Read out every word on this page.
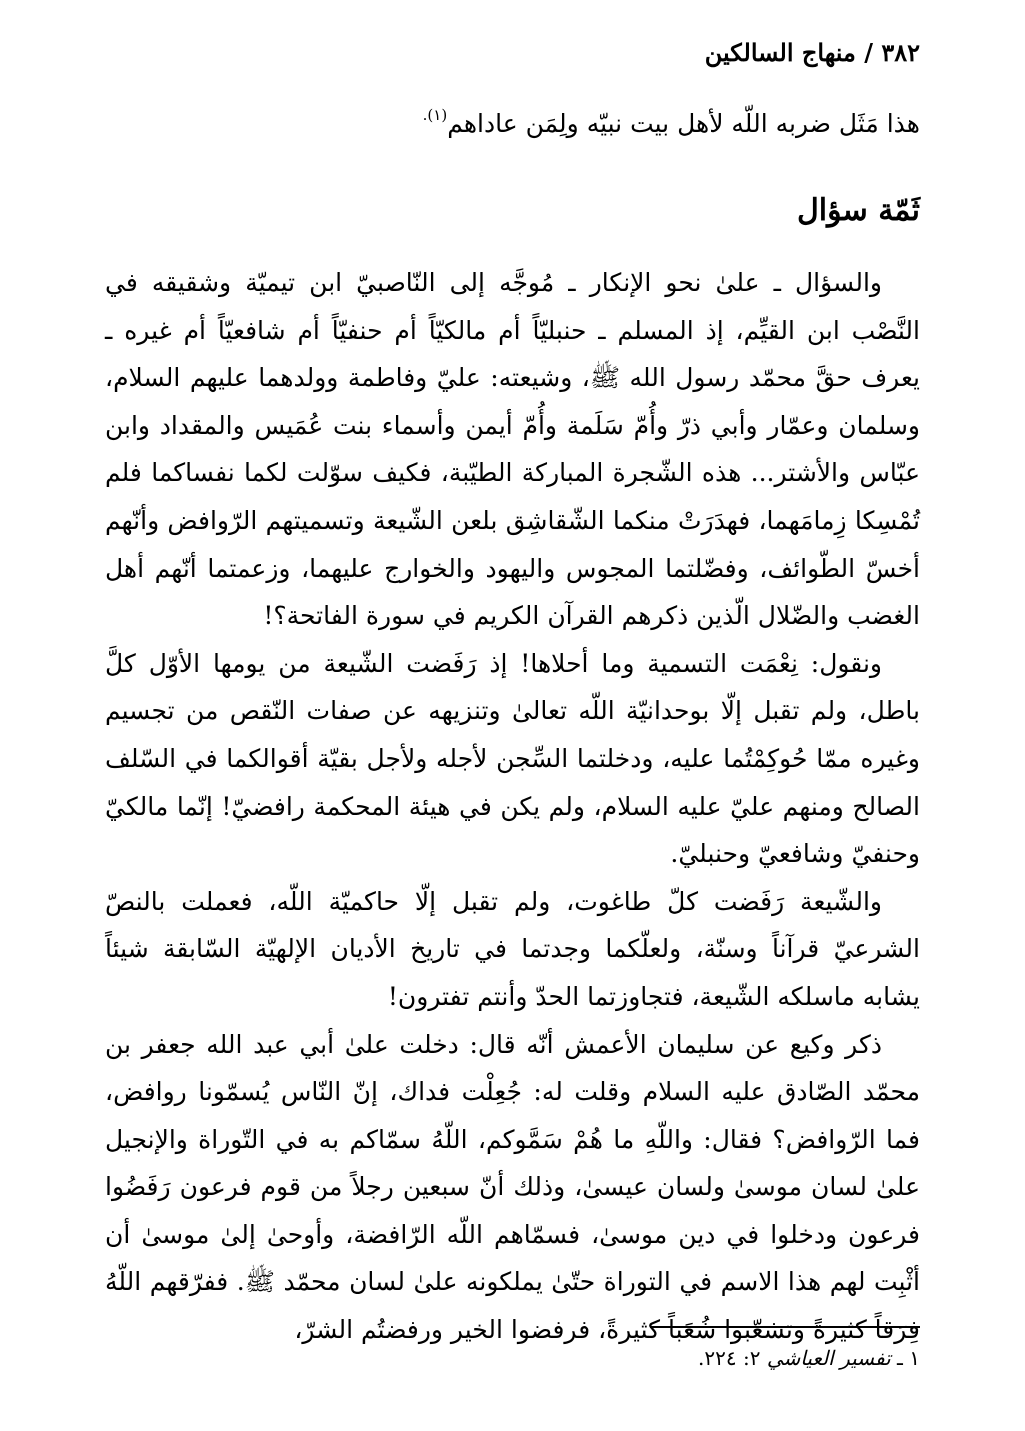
٣٨٢ / منهاج السالكين
هذا مَثَل ضربه اللّه لأهل بيت نبيّه ولِمَن عاداهم$^{(١).}$
ثَمّة سؤال

والسؤال ـ علىٰ نحو الإنكار ـ مُوجَّه إلى النّاصبيّ ابن تيميّة وشقيقه في النَّصْب ابن القيِّم، إذ المسلم ـ حنبليّاً أم مالكيّاً أم حنفيّاً أم شافعيّاً أم غيره ـ يعرف حقَّ محمّد رسول الله ﷺ، وشيعته: عليّ وفاطمة وولدهما عليهم السلام، وسلمان وعمّار وأبي ذرّ وأُمّ سَلَمة وأُمّ أيمن وأسماء بنت عُمَيس والمقداد وابن عبّاس والأشتر... هذه الشّجرة المباركة الطيّبة، فكيف سوّلت لكما نفساكما فلم تُمْسِكا زِمامَهما، فهدَرَتْ منكما الشّقاشِق بلعن الشّيعة وتسميتهم الرّوافض وأنّهم أخسّ الطّوائف، وفضّلتما المجوس واليهود والخوارج عليهما، وزعمتما أنّهم أهل الغضب والضّلال الّذين ذكرهم القرآن الكريم في سورة الفاتحة؟!

ونقول: نِعْمَت التسمية وما أحلاها! إذ رَفَضت الشّيعة من يومها الأوّل كلَّ باطل، ولم تقبل إلّا بوحدانيّة اللّه تعالىٰ وتنزيهه عن صفات النّقص من تجسيم وغيره ممّا حُوكِمْتُما عليه، ودخلتما السِّجن لأجله ولأجل بقيّة أقوالكما في السّلف الصالح ومنهم عليّ عليه السلام، ولم يكن في هيئة المحكمة رافضيّ! إنّما مالكيّ وحنفيّ وشافعيّ وحنبليّ.

والشّيعة رَفَضت كلّ طاغوت، ولم تقبل إلّا حاكميّة اللّه، فعملت بالنصّ الشرعيّ قرآناً وسنّة، ولعلّكما وجدتما في تاريخ الأديان الإلهيّة السّابقة شيئاً يشابه ماسلكه الشّيعة، فتجاوزتما الحدّ وأنتم تفترون!

ذكر وكيع عن سليمان الأعمش أنّه قال: دخلت علىٰ أبي عبد الله جعفر بن محمّد الصّادق عليه السلام وقلت له: جُعِلْت فداك، إنّ النّاس يُسمّونا روافض، فما الرّوافض؟ فقال: واللّهِ ما هُمْ سَمَّوكم، اللّهُ سمّاكم به في التّوراة والإنجيل علىٰ لسان موسىٰ ولسان عيسىٰ، وذلك أنّ سبعين رجلاً من قوم فرعون رَفَضُوا فرعون ودخلوا في دين موسىٰ، فسمّاهم اللّه الرّافضة، وأوحىٰ إلىٰ موسىٰ أن أثْبِت لهم هذا الاسم في التوراة حتّىٰ يملكونه علىٰ لسان محمّد ﷺ. ففرّقهم اللّهُ فِرَقاً كثيرةً وتشعّبوا شُعَباً كثيرةً، فرفضوا الخير ورفضتُم الشرّ،

١ ـ تفسير العياشي ٢: ٢٢٤.
